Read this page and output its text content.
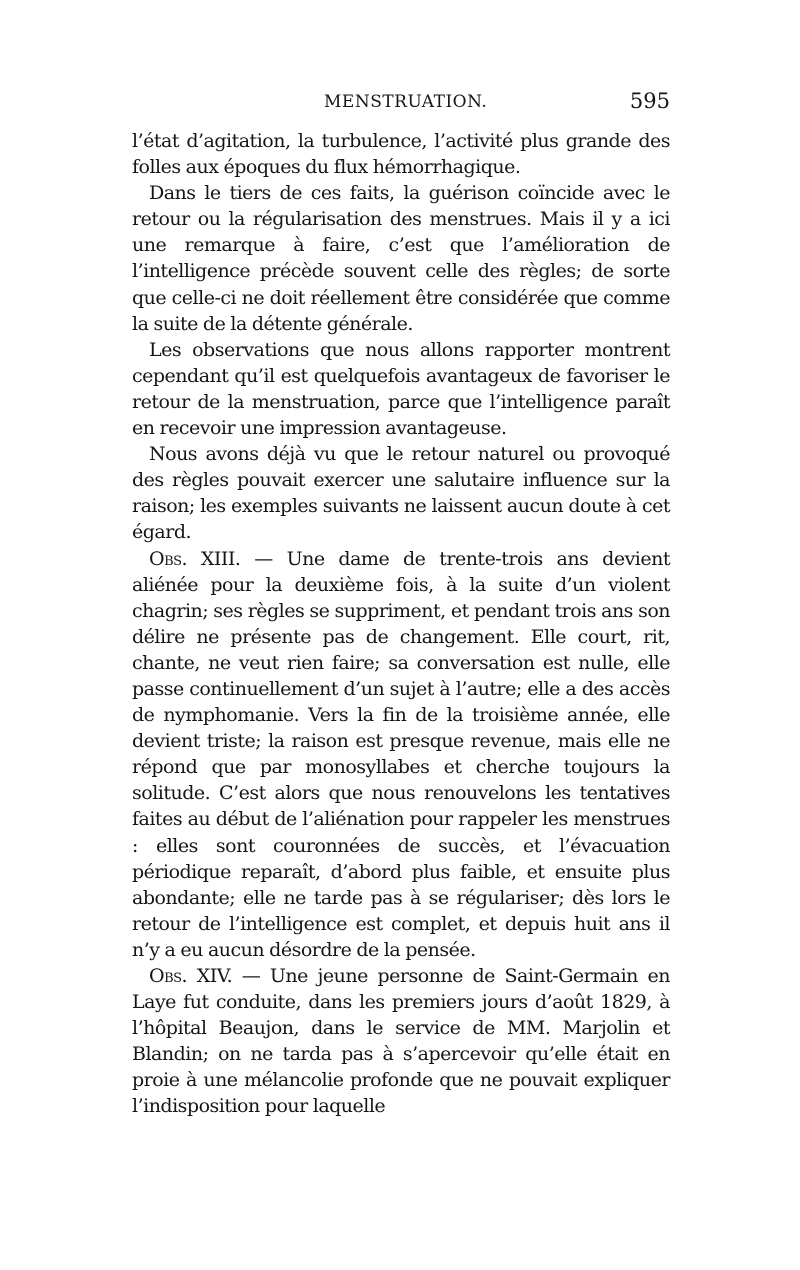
MENSTRUATION.	595

l’état d’agitation, la turbulence, l’activité plus grande des folles aux époques du flux hémorrhagique.

Dans le tiers de ces faits, la guérison coïncide avec le retour ou la régularisation des menstrues. Mais il y a ici une remarque à faire, c’est que l’amélioration de l’intelligence précède souvent celle des règles; de sorte que celle-ci ne doit réellement être considérée que comme la suite de la détente générale.

Les observations que nous allons rapporter montrent cependant qu’il est quelquefois avantageux de favoriser le retour de la menstruation, parce que l’intelligence paraît en recevoir une impression avantageuse.

Nous avons déjà vu que le retour naturel ou provoqué des règles pouvait exercer une salutaire influence sur la raison; les exemples suivants ne laissent aucun doute à cet égard.

Obs. XIII. — Une dame de trente-trois ans devient aliénée pour la deuxième fois, à la suite d’un violent chagrin; ses règles se suppriment, et pendant trois ans son délire ne présente pas de changement. Elle court, rit, chante, ne veut rien faire; sa conversation est nulle, elle passe continuellement d’un sujet à l’autre; elle a des accès de nymphomanie. Vers la fin de la troisième année, elle devient triste; la raison est presque revenue, mais elle ne répond que par monosyllabes et cherche toujours la solitude. C’est alors que nous renouvelons les tentatives faites au début de l’aliénation pour rappeler les menstrues : elles sont couronnées de succès, et l’évacuation périodique reparaît, d’abord plus faible, et ensuite plus abondante; elle ne tarde pas à se régulariser; dès lors le retour de l’intelligence est complet, et depuis huit ans il n’y a eu aucun désordre de la pensée.

Obs. XIV. — Une jeune personne de Saint-Germain en Laye fut conduite, dans les premiers jours d’août 1829, à l’hôpital Beaujon, dans le service de MM. Marjolin et Blandin; on ne tarda pas à s’apercevoir qu’elle était en proie à une mélancolie profonde que ne pouvait expliquer l’indisposition pour laquelle
